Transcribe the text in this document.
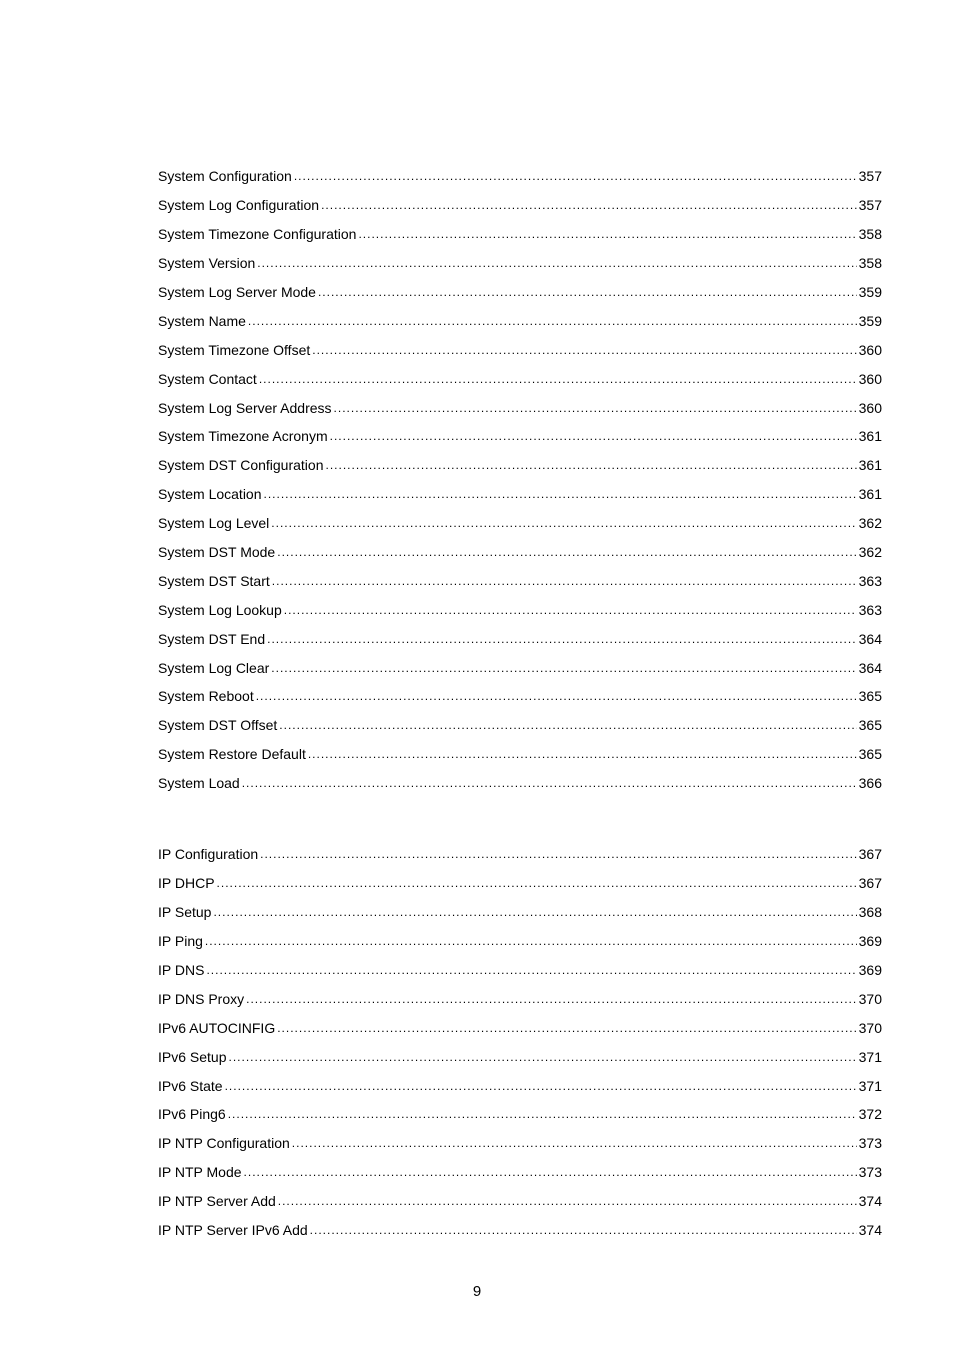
System Configuration .....	357
System Log Configuration .....	357
System Timezone Configuration .....	358
System Version .....	358
System Log Server Mode .....	359
System Name .....	359
System Timezone Offset .....	360
System Contact .....	360
System Log Server Address .....	360
System Timezone Acronym .....	361
System DST Configuration .....	361
System Location .....	361
System Log Level .....	362
System DST Mode .....	362
System DST Start .....	363
System Log Lookup .....	363
System DST End .....	364
System Log Clear .....	364
System Reboot .....	365
System DST Offset .....	365
System Restore Default .....	365
System Load .....	366
IP Configuration .....	367
IP DHCP .....	367
IP Setup .....	368
IP Ping .....	369
IP DNS .....	369
IP DNS Proxy .....	370
IPv6 AUTOCINFIG .....	370
IPv6 Setup .....	371
IPv6 State .....	371
IPv6 Ping6 .....	372
IP NTP Configuration .....	373
IP NTP Mode .....	373
IP NTP Server Add .....	374
IP NTP Server IPv6 Add .....	374
9
